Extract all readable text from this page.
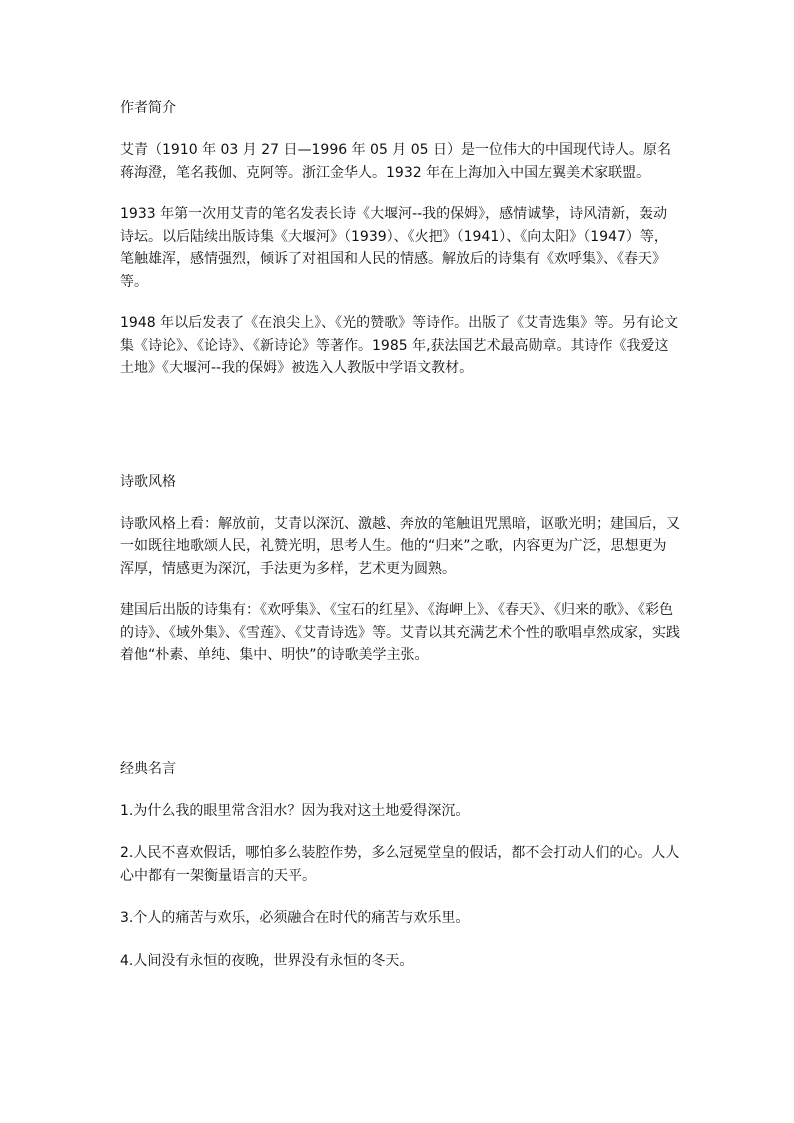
作者简介

艾青（1910 年 03 月 27 日—1996 年 05 月 05 日）是一位伟大的中国现代诗人。原名蒋海澄，笔名莪伽、克阿等。浙江金华人。1932 年在上海加入中国左翼美术家联盟。

1933 年第一次用艾青的笔名发表长诗《大堰河--我的保姆》，感情诚挚，诗风清新，轰动诗坛。以后陆续出版诗集《大堰河》（1939）、《火把》（1941）、《向太阳》（1947）等，笔触雄浑，感情强烈，倾诉了对祖国和人民的情感。解放后的诗集有《欢呼集》、《春天》等。

1948 年以后发表了《在浪尖上》、《光的赞歌》等诗作。出版了《艾青选集》等。另有论文集《诗论》、《论诗》、《新诗论》等著作。1985 年,获法国艺术最高勋章。其诗作《我爱这土地》《大堰河--我的保姆》被选入人教版中学语文教材。

诗歌风格

诗歌风格上看：解放前，艾青以深沉、激越、奔放的笔触诅咒黑暗，讴歌光明；建国后，又一如既往地歌颂人民，礼赞光明，思考人生。他的“归来”之歌，内容更为广泛，思想更为浑厚，情感更为深沉，手法更为多样，艺术更为圆熟。

建国后出版的诗集有：《欢呼集》、《宝石的红星》、《海岬上》、《春天》、《归来的歌》、《彩色的诗》、《域外集》、《雪莲》、《艾青诗选》等。艾青以其充满艺术个性的歌唱卓然成家，实践着他“朴素、单纯、集中、明快”的诗歌美学主张。

经典名言

1.为什么我的眼里常含泪水？因为我对这土地爱得深沉。

2.人民不喜欢假话，哪怕多么装腔作势，多么冠冕堂皇的假话，都不会打动人们的心。人人心中都有一架衡量语言的天平。

3.个人的痛苦与欢乐，必须融合在时代的痛苦与欢乐里。

4.人间没有永恒的夜晚，世界没有永恒的冬天。
